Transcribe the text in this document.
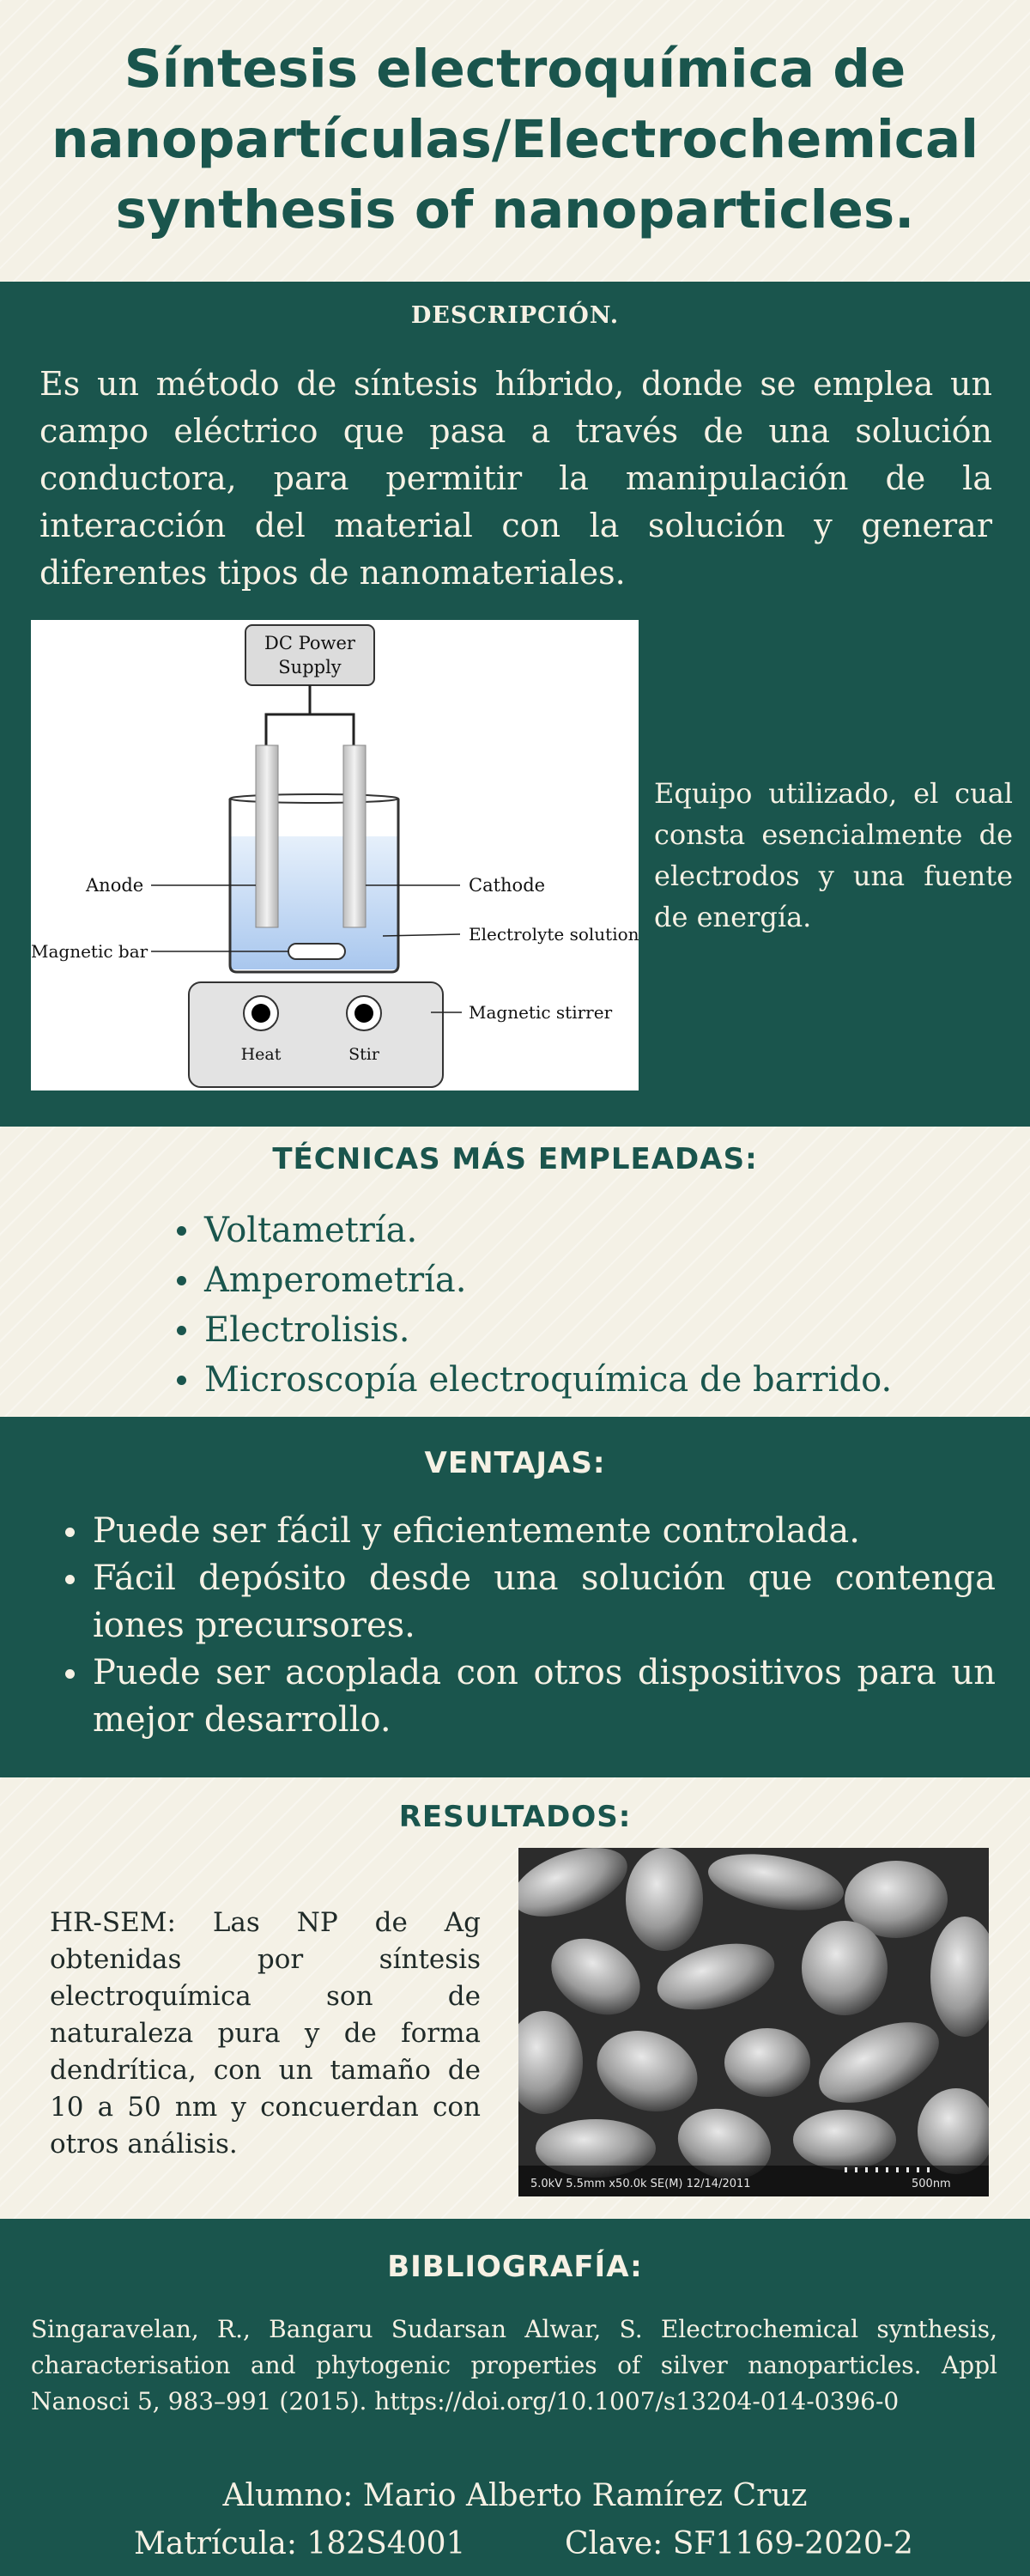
Síntesis electroquímica de nanopartículas/Electrochemical synthesis of nanoparticles.
DESCRIPCIÓN.

Es un método de síntesis híbrido, donde se emplea un campo eléctrico que pasa a través de una solución conductora, para permitir la manipulación de la interacción del material con la solución y generar diferentes tipos de nanomateriales.

DC Power
Supply
Heat	Stir
Anode	Cathode
Magnetic bar
Electrolyte solution
Magnetic stirrer

Equipo utilizado, el cual consta esencialmente de electrodos y una fuente de energía.

TÉCNICAS MÁS EMPLEADAS:
Voltametría.
Amperometría.
Electrolisis.
Microscopía electroquímica de barrido.
VENTAJAS:
Puede ser fácil y eficientemente controlada.
Fácil depósito desde una solución que contenga iones precursores.
Puede ser acoplada con otros dispositivos para un mejor desarrollo.
RESULTADOS:

HR-SEM: Las NP de Ag obtenidas por síntesis electroquímica son de naturaleza pura y de forma dendrítica, con un tamaño de 10 a 50 nm y concuerdan con otros análisis.

5.0kV 5.5mm x50.0k SE(M) 12/14/2011	500nm
BIBLIOGRAFÍA:

Singaravelan, R., Bangaru Sudarsan Alwar, S. Electrochemical synthesis, characterisation and phytogenic properties of silver nanoparticles. Appl Nanosci 5, 983–991 (2015). https://doi.org/10.1007/s13204-014-0396-0

Alumno: Mario Alberto Ramírez Cruz

Matrícula: 182S4001	Clave: SF1169-2020-2
